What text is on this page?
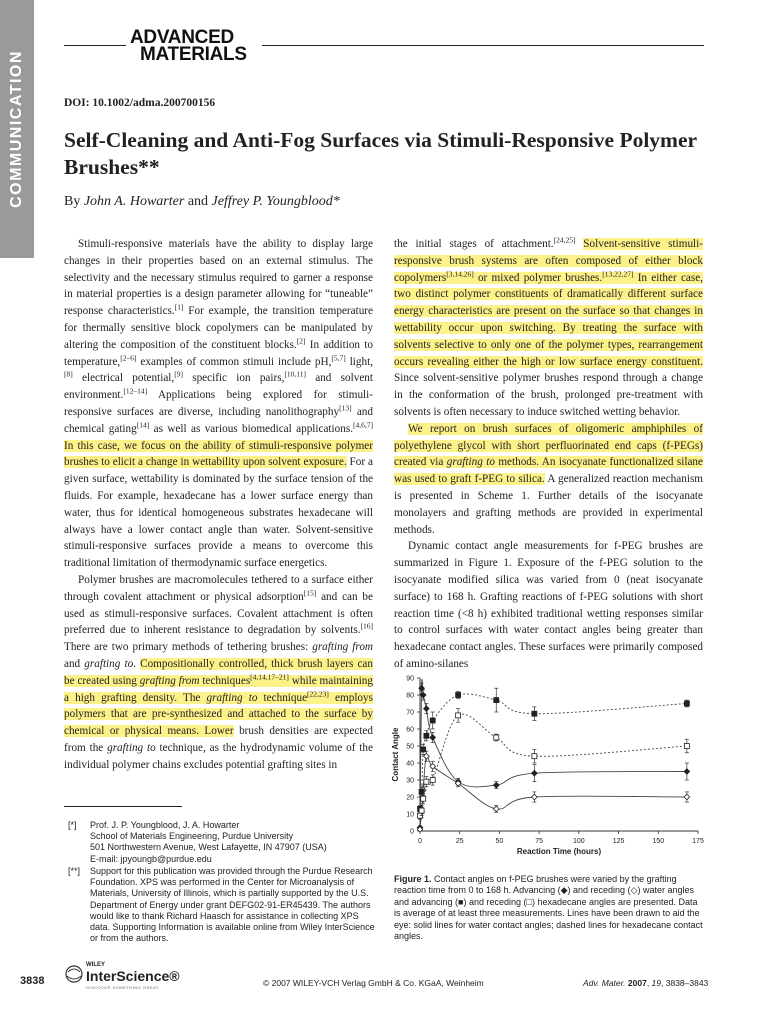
COMMUNICATION
ADVANCED
MATERIALS
DOI: 10.1002/adma.200700156
Self-Cleaning and Anti-Fog Surfaces via Stimuli-Responsive Polymer Brushes**
By John A. Howarter and Jeffrey P. Youngblood*

Stimuli-responsive materials have the ability to display large changes in their properties based on an external stimulus. The selectivity and the necessary stimulus required to garner a response in material properties is a design parameter allowing for “tuneable” response characteristics.[1] For example, the transition temperature for thermally sensitive block copolymers can be manipulated by altering the composition of the constituent blocks.[2] In addition to temperature,[2–6] examples of common stimuli include pH,[5,7] light,[8] electrical potential,[9] specific ion pairs,[10,11] and solvent environment.[12–14] Applications being explored for stimuli-responsive surfaces are diverse, including nanolithography[13] and chemical gating[14] as well as various biomedical applications.[4,6,7] In this case, we focus on the ability of stimuli-responsive polymer brushes to elicit a change in wettability upon solvent exposure. For a given surface, wettability is dominated by the surface tension of the fluids. For example, hexadecane has a lower surface energy than water, thus for identical homogeneous substrates hexadecane will always have a lower contact angle than water. Solvent-sensitive stimuli-responsive surfaces provide a means to overcome this traditional limitation of thermodynamic surface energetics.

Polymer brushes are macromolecules tethered to a surface either through covalent attachment or physical adsorption[15] and can be used as stimuli-responsive surfaces. Covalent attachment is often preferred due to inherent resistance to degradation by solvents.[16] There are two primary methods of tethering brushes: grafting from and grafting to. Compositionally controlled, thick brush layers can be created using grafting from techniques[4,14,17–21] while maintaining a high grafting density. The grafting to technique[22,23] employs polymers that are pre-synthesized and attached to the surface by chemical or physical means. Lower brush densities are expected from the grafting to technique, as the hydrodynamic volume of the individual polymer chains excludes potential grafting sites in

the initial stages of attachment.[24,25] Solvent-sensitive stimuli-responsive brush systems are often composed of either block copolymers[3,14,26] or mixed polymer brushes.[13,22,27] In either case, two distinct polymer constituents of dramatically different surface energy characteristics are present on the surface so that changes in wettability occur upon switching. By treating the surface with solvents selective to only one of the polymer types, rearrangement occurs revealing either the high or low surface energy constituent. Since solvent-sensitive polymer brushes respond through a change in the conformation of the brush, prolonged pre-treatment with solvents is often necessary to induce switched wetting behavior.

We report on brush surfaces of oligomeric amphiphiles of polyethylene glycol with short perfluorinated end caps (f-PEGs) created via grafting to methods. An isocyanate functionalized silane was used to graft f-PEG to silica. A generalized reaction mechanism is presented in Scheme 1. Further details of the isocyanate monolayers and grafting methods are provided in experimental methods.

Dynamic contact angle measurements for f-PEG brushes are summarized in Figure 1. Exposure of the f-PEG solution to the isocyanate modified silica was varied from 0 (neat isocyanate surface) to 168 h. Grafting reactions of f-PEG solutions with short reaction time (<8 h) exhibited traditional wetting responses similar to control surfaces with water contact angles being greater than hexadecane contact angles. These surfaces were primarily composed of amino-silanes

0
10
20
30
40
50
60
70
80
90
0	25	50	75	100	125	150	175
Reaction Time (hours)
Contact Angle
Figure 1. Contact angles on f-PEG brushes were varied by the grafting reaction time from 0 to 168 h. Advancing (◆) and receding (◇) water angles and advancing (■) and receding (□) hexadecane angles are presented. Data is average of at least three measurements. Lines have been drawn to aid the eye: solid lines for water contact angles; dashed lines for hexadecane contact angles.
[*] Prof. J. P. Youngblood, J. A. Howarter
School of Materials Engineering, Purdue University
501 Northwestern Avenue, West Lafayette, IN 47907 (USA)
E-mail: jpyoungb@purdue.edu
[**] Support for this publication was provided through the Purdue Research Foundation. XPS was performed in the Center for Microanalysis of Materials, University of Illinois, which is partially supported by the U.S. Department of Energy under grant DEFG02-91-ER45439. The authors would like to thank Richard Haasch for assistance in collecting XPS data. Supporting Information is available online from Wiley InterScience or from the authors.
3838
WILEY
InterScience®
DISCOVER SOMETHING GREAT	© 2007 WILEY-VCH Verlag GmbH & Co. KGaA, Weinheim	Adv. Mater. 2007, 19, 3838–3843
